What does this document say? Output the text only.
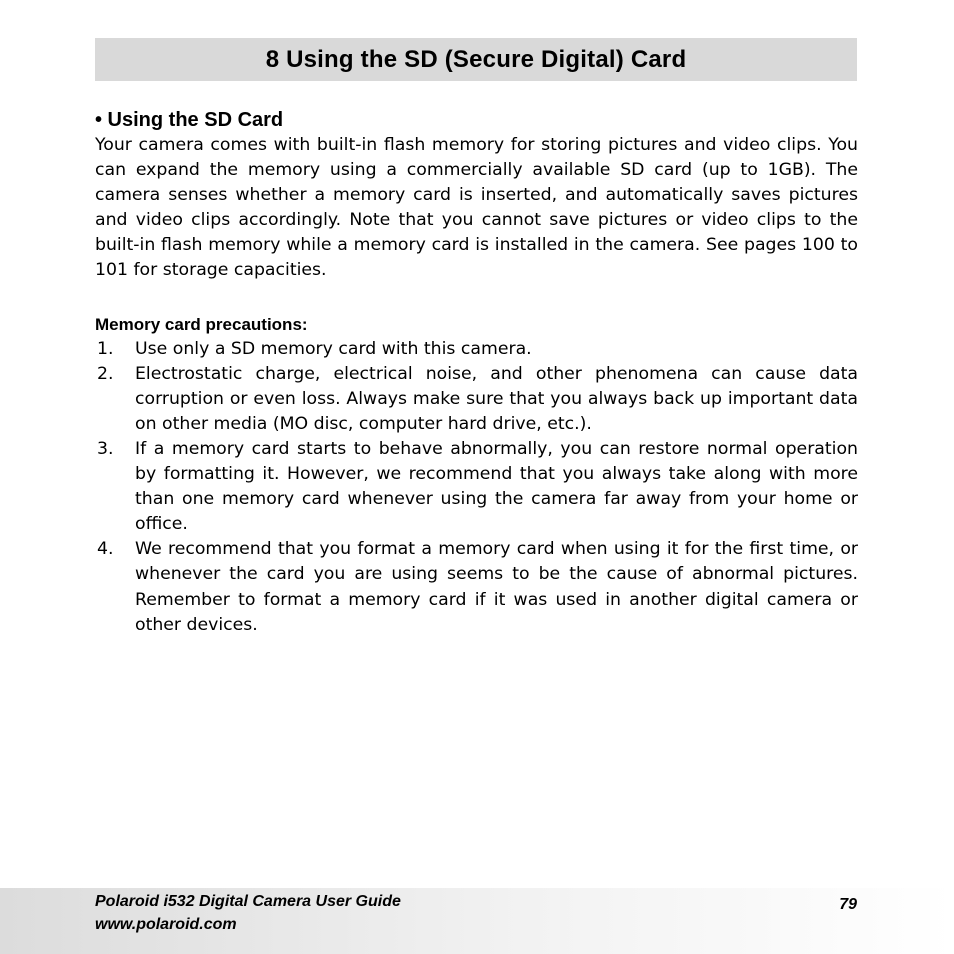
8 Using the SD (Secure Digital) Card
• Using the SD Card

Your camera comes with built-in flash memory for storing pictures and video clips. You can expand the memory using a commercially available SD card (up to 1GB). The camera senses whether a memory card is inserted, and automatically saves pictures and video clips accordingly. Note that you cannot save pictures or video clips to the built-in flash memory while a memory card is installed in the camera. See pages 100 to 101 for storage capacities.

Memory card precautions:
1. Use only a SD memory card with this camera.
2. Electrostatic charge, electrical noise, and other phenomena can cause data corruption or even loss. Always make sure that you always back up important data on other media (MO disc, computer hard drive, etc.).
3. If a memory card starts to behave abnormally, you can restore normal operation by formatting it. However, we recommend that you always take along with more than one memory card whenever using the camera far away from your home or office.
4. We recommend that you format a memory card when using it for the first time, or whenever the card you are using seems to be the cause of abnormal pictures. Remember to format a memory card if it was used in another digital camera or other devices.
Polaroid i532 Digital Camera User Guide
www.polaroid.com
79
